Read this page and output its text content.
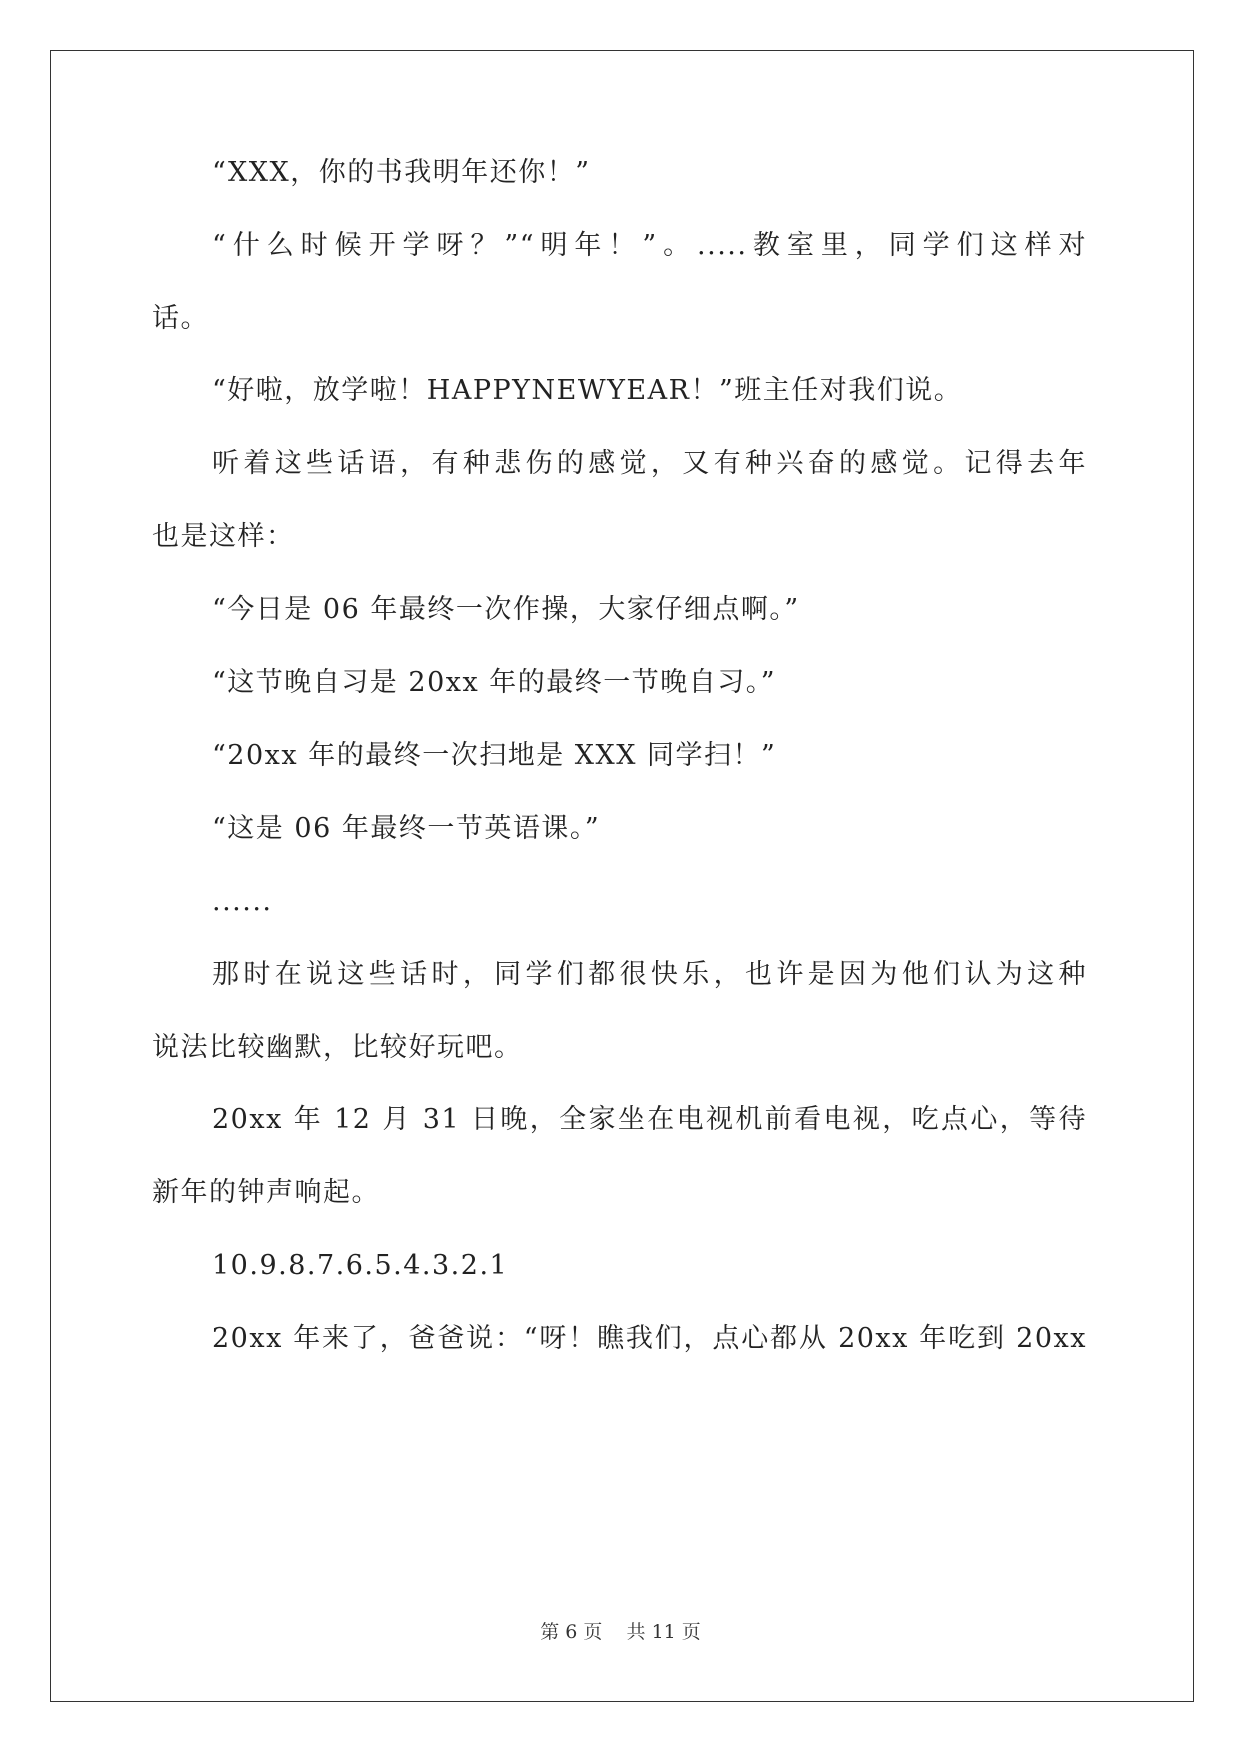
“XXX，你的书我明年还你！”
“什么时候开学呀？”“明年！”。.....教室里，同学们这样对
话。
“好啦，放学啦！HAPPYNEWYEAR！”班主任对我们说。
听着这些话语，有种悲伤的感觉，又有种兴奋的感觉。记得去年
也是这样：
“今日是 06 年最终一次作操，大家仔细点啊。”
“这节晚自习是 20xx 年的最终一节晚自习。”
“20xx 年的最终一次扫地是 XXX 同学扫！”
“这是 06 年最终一节英语课。”
......
那时在说这些话时，同学们都很快乐，也许是因为他们认为这种
说法比较幽默，比较好玩吧。
20xx 年 12 月 31 日晚，全家坐在电视机前看电视，吃点心，等待
新年的钟声响起。
10.9.8.7.6.5.4.3.2.1
20xx 年来了，爸爸说：“呀！瞧我们，点心都从 20xx 年吃到 20xx
第 6 页 共 11 页
